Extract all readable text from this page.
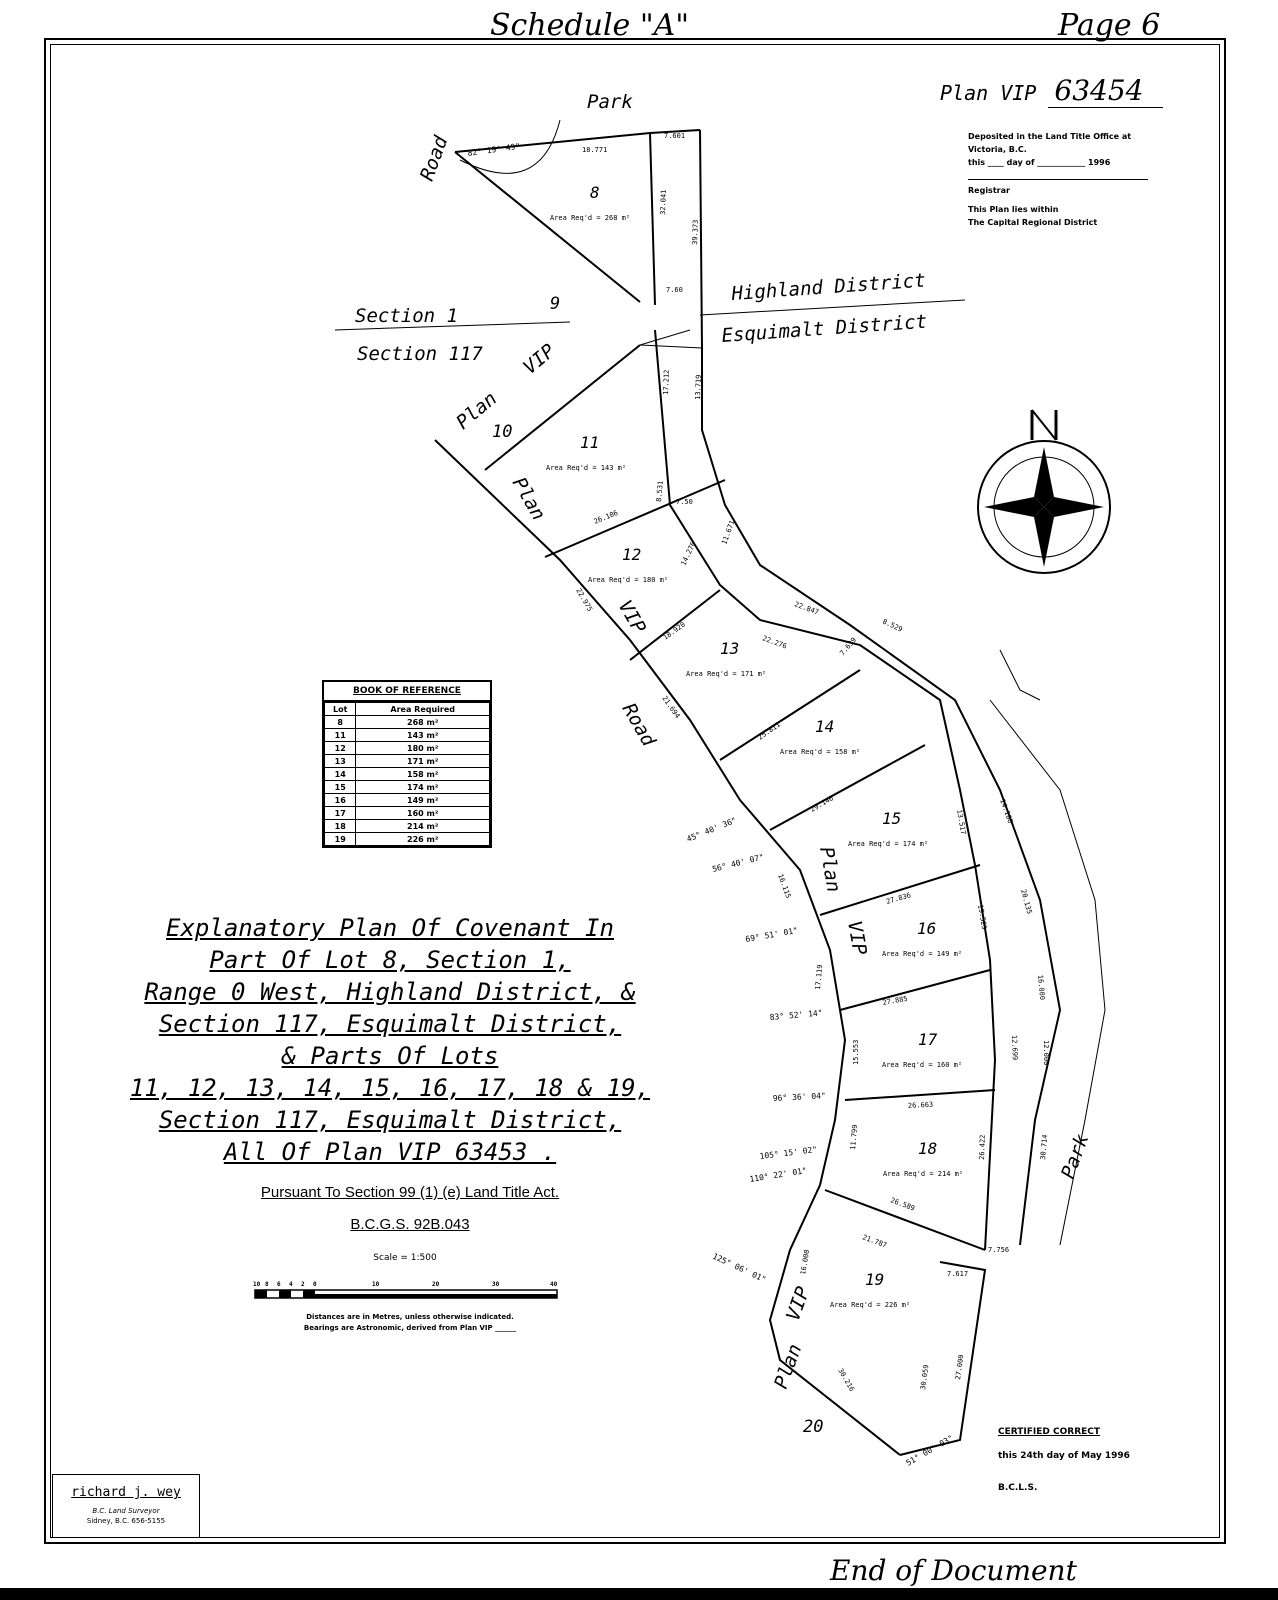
Schedule "A"	Page 6
Plan VIP 63454
Deposited in the Land Title Office at
Victoria, B.C.
this ____ day of ____________ 1996
Registrar
This Plan lies within
The Capital Regional District
Park
Road
Section 1
Section 117
Highland District
Esquimalt District
9
10
20
Plan
VIP
Plan
VIP
Road
Plan
VIP
Park
VIP
Plan
8
Area Req'd = 268 m²
11
Area Req'd = 143 m²
12
Area Req'd = 180 m²
13
Area Req'd = 171 m²
14
Area Req'd = 158 m²
15
Area Req'd = 174 m²
16
Area Req'd = 149 m²
17
Area Req'd = 160 m²
18
Area Req'd = 214 m²
19
Area Req'd = 226 m²
18.771
7.601
32.041
39.373
7.60
17.212	13.719
26.106
8.531 7.50
14.276
11.671
22.975
18.920
22.847
22.276
21.694
25.811
7.639
8.529
29.146
13.517	14.186
27.836
19.525
20.135
27.885
12.699
16.000
26.663
12.000
26.589
26.422	30.714
21.787
7.756
30.059	27.000
30.216
7.617
16.115
17.119
15.553
11.799
16.000
82° 19' 49"
45° 40' 36"
56° 40' 07"
69° 51' 01"
83° 52' 14"
96° 36' 04"
105° 15' 02"
110° 22' 01"
125° 06' 01"
51° 00' 03"
10 8 6 4 2 0	10	20	30	40
BOOK OF REFERENCE
Lot	Area Required
8	268 m²
11	143 m²
12	180 m²
13	171 m²
14	158 m²
15	174 m²
16	149 m²
17	160 m²
18	214 m²
19	226 m²
Explanatory Plan Of Covenant In
Part Of Lot 8, Section 1,
Range 0 West, Highland District, &
Section 117, Esquimalt District,
& Parts Of Lots
11, 12, 13, 14, 15, 16, 17, 18 & 19,
Section 117, Esquimalt District,
All Of Plan VIP 63453 .
Pursuant To Section 99 (1) (e) Land Title Act.
B.C.G.S. 92B.043
Scale = 1:500
Distances are in Metres, unless otherwise indicated.
Bearings are Astronomic, derived from Plan VIP ______
CERTIFIED CORRECT
this 24th day of May 1996
B.C.L.S.
richard j. wey
B.C. Land Surveyor
Sidney, B.C. 656-5155
End of Document
